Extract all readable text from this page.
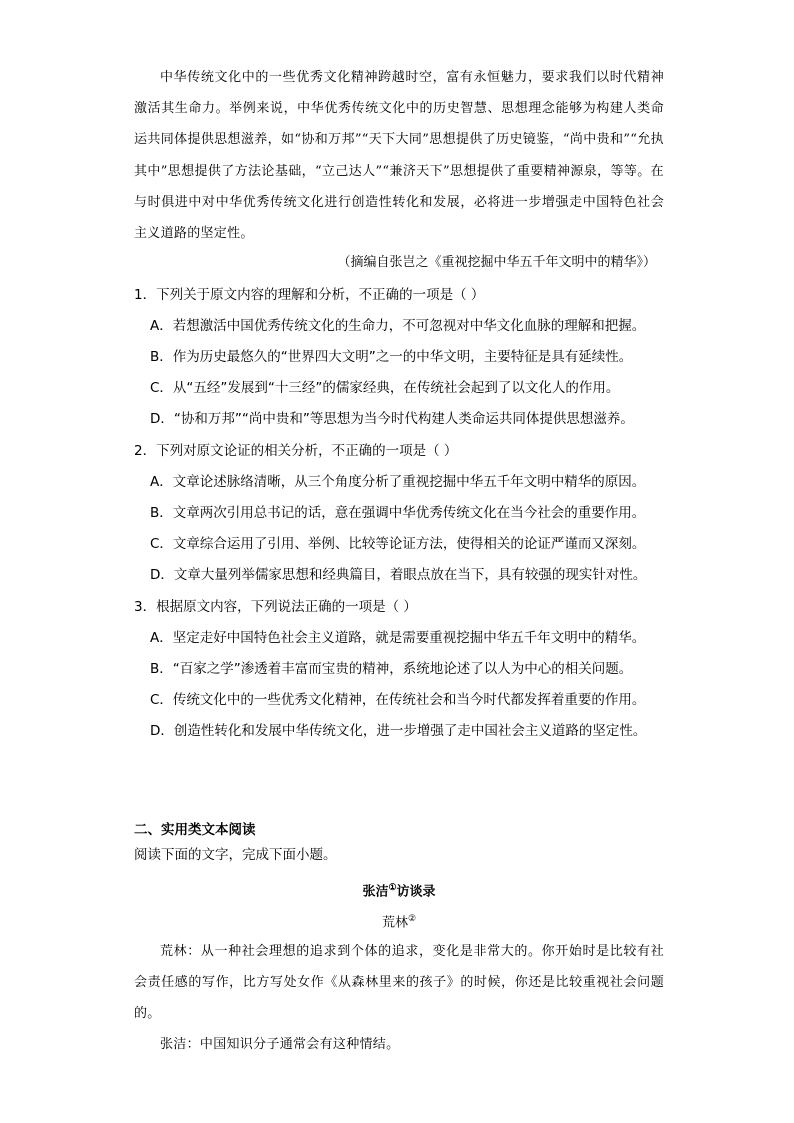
中华传统文化中的一些优秀文化精神跨越时空，富有永恒魅力，要求我们以时代精神激活其生命力。举例来说，中华优秀传统文化中的历史智慧、思想理念能够为构建人类命运共同体提供思想滋养，如“协和万邦”“天下大同”思想提供了历史镜鉴，“尚中贵和”“允执其中”思想提供了方法论基础，“立己达人”“兼济天下”思想提供了重要精神源泉，等等。在与时俱进中对中华优秀传统文化进行创造性转化和发展，必将进一步增强走中国特色社会主义道路的坚定性。

（摘编自张岂之《重视挖掘中华五千年文明中的精华》）

1．下列关于原文内容的理解和分析，不正确的一项是（ ）

A．若想激活中国优秀传统文化的生命力，不可忽视对中华文化血脉的理解和把握。

B．作为历史最悠久的“世界四大文明”之一的中华文明，主要特征是具有延续性。

C．从“五经”发展到“十三经”的儒家经典，在传统社会起到了以文化人的作用。

D．“协和万邦”“尚中贵和”等思想为当今时代构建人类命运共同体提供思想滋养。

2．下列对原文论证的相关分析，不正确的一项是（ ）

A．文章论述脉络清晰，从三个角度分析了重视挖掘中华五千年文明中精华的原因。

B．文章两次引用总书记的话，意在强调中华优秀传统文化在当今社会的重要作用。

C．文章综合运用了引用、举例、比较等论证方法，使得相关的论证严谨而又深刻。

D．文章大量列举儒家思想和经典篇目，着眼点放在当下，具有较强的现实针对性。

3．根据原文内容，下列说法正确的一项是（ ）

A．坚定走好中国特色社会主义道路，就是需要重视挖掘中华五千年文明中的精华。

B．“百家之学”渗透着丰富而宝贵的精神，系统地论述了以人为中心的相关问题。

C．传统文化中的一些优秀文化精神，在传统社会和当今时代都发挥着重要的作用。

D．创造性转化和发展中华传统文化，进一步增强了走中国社会主义道路的坚定性。

二、实用类文本阅读

阅读下面的文字，完成下面小题。

张洁①访谈录

荒林②

荒林：从一种社会理想的追求到个体的追求，变化是非常大的。你开始时是比较有社会责任感的写作，比方写处女作《从森林里来的孩子》的时候，你还是比较重视社会问题的。

张洁：中国知识分子通常会有这种情结。
